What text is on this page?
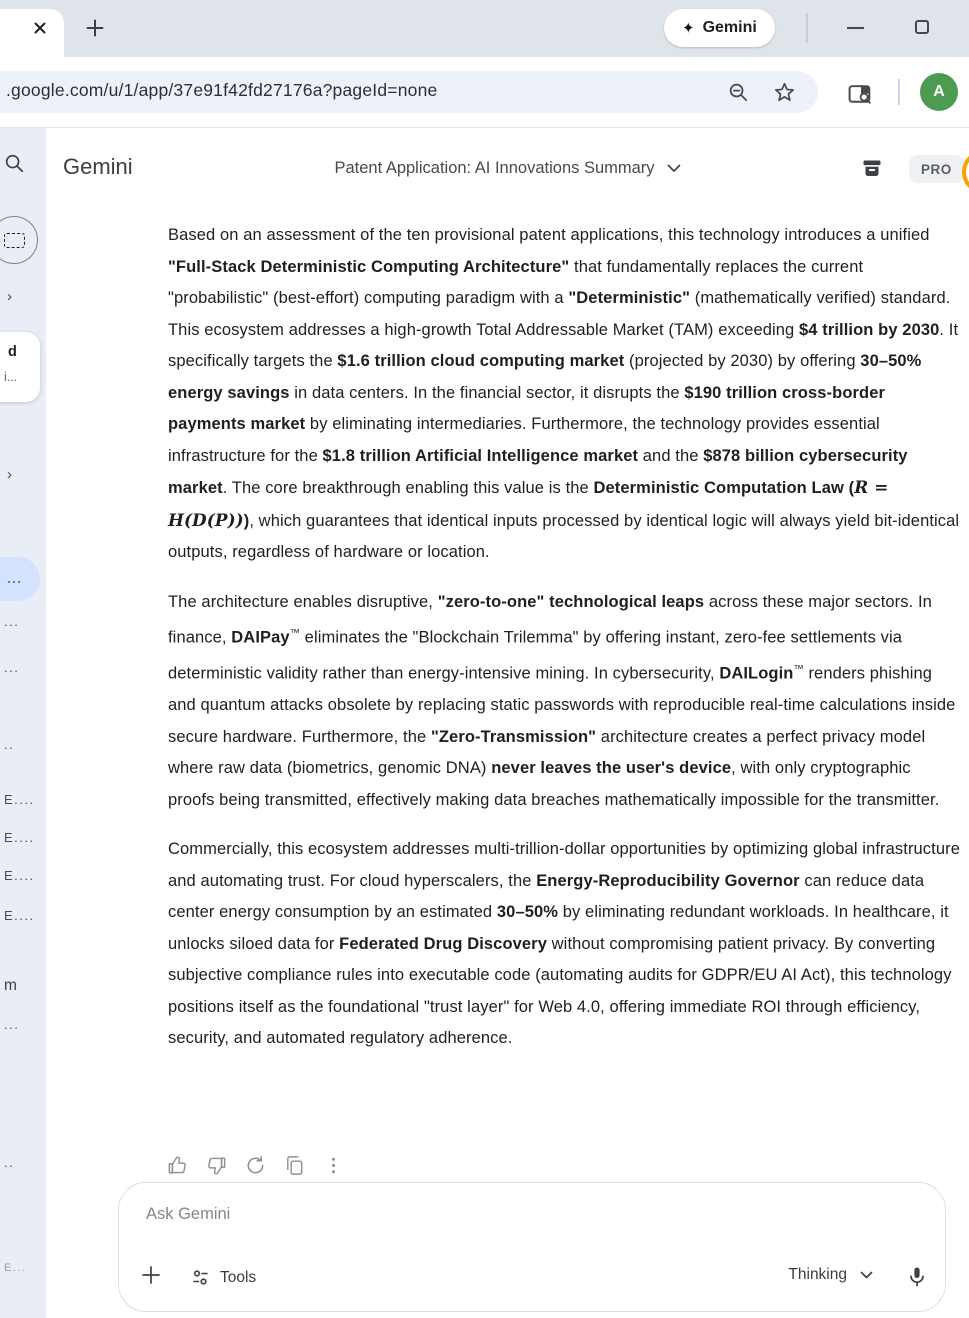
✦ Gemini
.google.com/u/1/app/37e91f42fd27176a?pageId=none	A
›
d
i...
›
...
...
...
..
E....
E....
E....
E....
m
...
..
E...
Gemini	Patent Application: AI Innovations Summary	PRO

Based on an assessment of the ten provisional patent applications, this technology introduces a unified "Full-Stack Deterministic Computing Architecture" that fundamentally replaces the current "probabilistic" (best-effort) computing paradigm with a "Deterministic" (mathematically verified) standard. This ecosystem addresses a high-growth Total Addressable Market (TAM) exceeding $4 trillion by 2030. It specifically targets the $1.6 trillion cloud computing market (projected by 2030) by offering 30–50% energy savings in data centers. In the financial sector, it disrupts the $190 trillion cross-border payments market by eliminating intermediaries. Furthermore, the technology provides essential infrastructure for the $1.8 trillion Artificial Intelligence market and the $878 billion cybersecurity market. The core breakthrough enabling this value is the Deterministic Computation Law (R = H(D(P))), which guarantees that identical inputs processed by identical logic will always yield bit-identical outputs, regardless of hardware or location.

The architecture enables disruptive, "zero-to-one" technological leaps across these major sectors. In finance, DAIPay™ eliminates the "Blockchain Trilemma" by offering instant, zero-fee settlements via deterministic validity rather than energy-intensive mining. In cybersecurity, DAILogin™ renders phishing and quantum attacks obsolete by replacing static passwords with reproducible real-time calculations inside secure hardware. Furthermore, the "Zero-Transmission" architecture creates a perfect privacy model where raw data (biometrics, genomic DNA) never leaves the user's device, with only cryptographic proofs being transmitted, effectively making data breaches mathematically impossible for the transmitter.

Commercially, this ecosystem addresses multi-trillion-dollar opportunities by optimizing global infrastructure and automating trust. For cloud hyperscalers, the Energy-Reproducibility Governor can reduce data center energy consumption by an estimated 30–50% by eliminating redundant workloads. In healthcare, it unlocks siloed data for Federated Drug Discovery without compromising patient privacy. By converting subjective compliance rules into executable code (automating audits for GDPR/EU AI Act), this technology positions itself as the foundational "trust layer" for Web 4.0, offering immediate ROI through efficiency, security, and automated regulatory adherence.

Ask Gemini
Tools	Thinking
